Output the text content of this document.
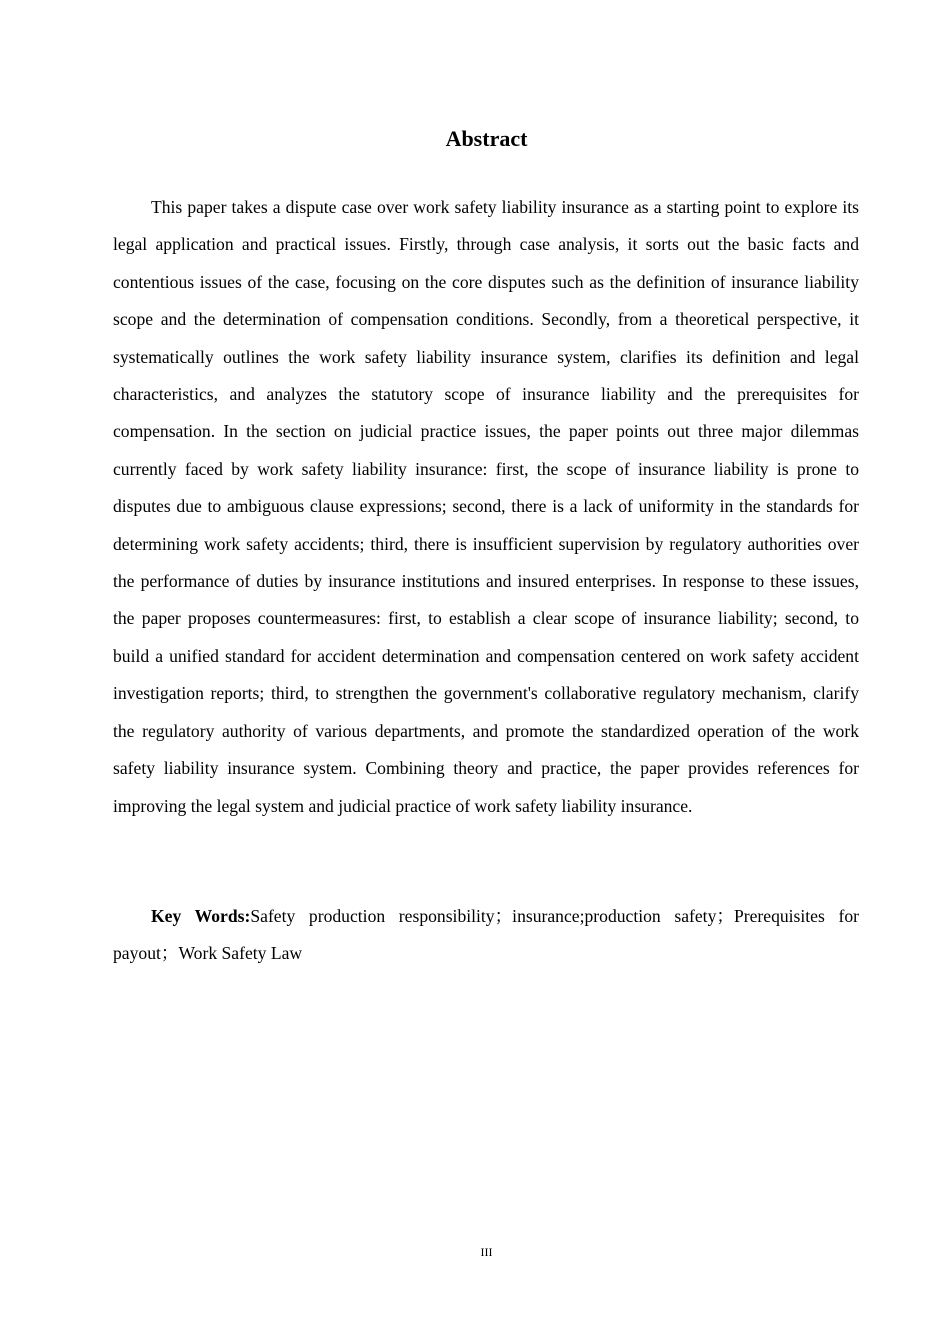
Abstract

This paper takes a dispute case over work safety liability insurance as a starting point to explore its legal application and practical issues. Firstly, through case analysis, it sorts out the basic facts and contentious issues of the case, focusing on the core disputes such as the definition of insurance liability scope and the determination of compensation conditions. Secondly, from a theoretical perspective, it systematically outlines the work safety liability insurance system, clarifies its definition and legal characteristics, and analyzes the statutory scope of insurance liability and the prerequisites for compensation. In the section on judicial practice issues, the paper points out three major dilemmas currently faced by work safety liability insurance: first, the scope of insurance liability is prone to disputes due to ambiguous clause expressions; second, there is a lack of uniformity in the standards for determining work safety accidents; third, there is insufficient supervision by regulatory authorities over the performance of duties by insurance institutions and insured enterprises. In response to these issues, the paper proposes countermeasures: first, to establish a clear scope of insurance liability; second, to build a unified standard for accident determination and compensation centered on work safety accident investigation reports; third, to strengthen the government's collaborative regulatory mechanism, clarify the regulatory authority of various departments, and promote the standardized operation of the work safety liability insurance system. Combining theory and practice, the paper provides references for improving the legal system and judicial practice of work safety liability insurance.

Key Words:Safety production responsibility；insurance;production safety；Prerequisites for payout；Work Safety Law

III
